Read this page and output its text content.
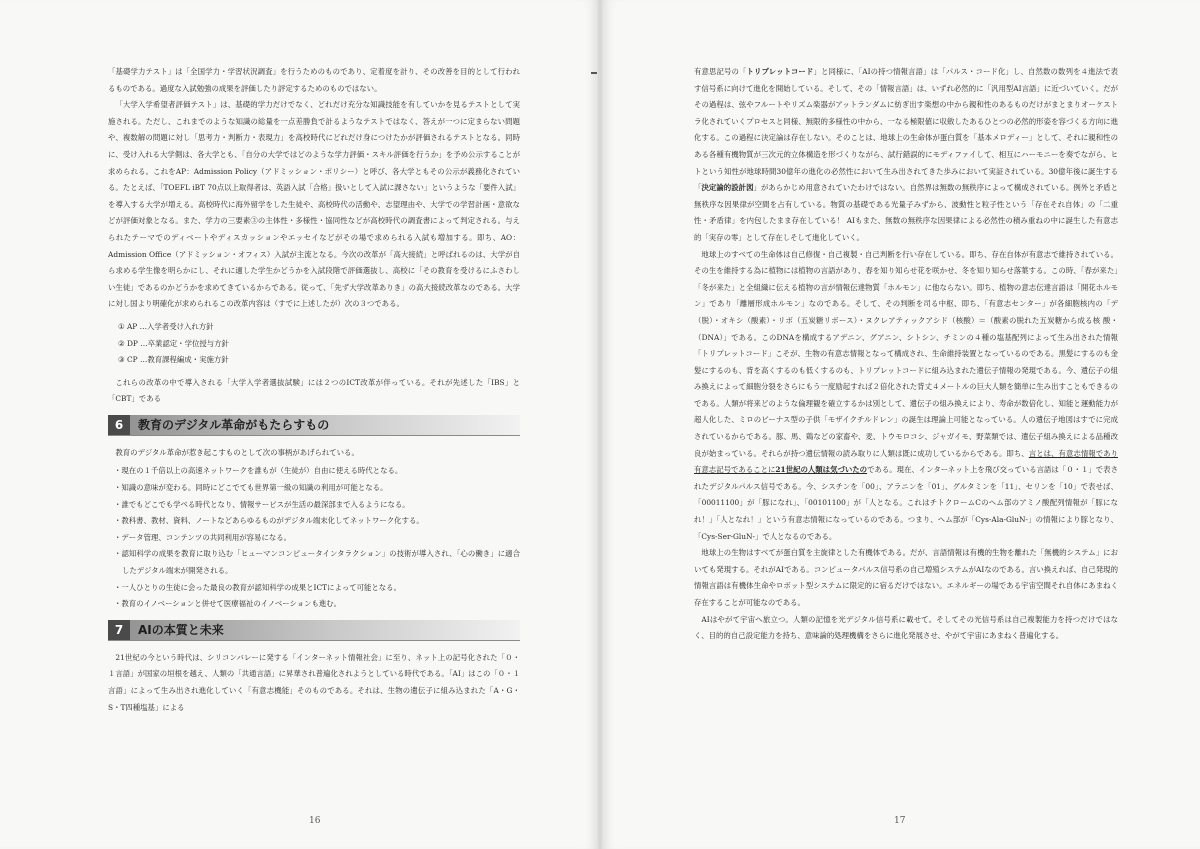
「基礎学力テスト」は「全国学力・学習状況調査」を行うためのものであり、定着度を計り、その改善を目的として行われるものである。過度な入試勉強の成果を評価したり評定するためのものではない。

「大学入学希望者評価テスト」は、基礎的学力だけでなく、どれだけ充分な知識技能を有していかを見るテストとして実施される。ただし、これまでのような知識の総量を一点差勝負で計るようなテストではなく、答えが一つに定まらない問題や、複数解の問題に対し「思考力・判断力・表現力」を高校時代にどれだけ身につけたかが評価されるテストとなる。同時に、受け入れる大学側は、各大学とも、「自分の大学ではどのような学力評価・スキル評価を行うか」を予め公示することが求められる。これをAP：Admission Policy（アドミッション・ポリシー）と呼び、各大学ともその公示が義務化されている。たとえば、「TOEFL iBT 70点以上取得者は、英語入試「合格」扱いとして入試に課さない」というような「要件入試」を導入する大学が増える。高校時代に海外留学をした生徒や、高校時代の活動や、志望理由や、大学での学習計画・意欲などが評価対象となる。また、学力の三要素③の主体性・多様性・協同性などが高校時代の調査書によって判定される。与えられたテーマでのディベートやディスカッションやエッセイなどがその場で求められる入試も増加する。即ち、AO：Admission Office（アドミッション・オフィス）入試が主流となる。今次の改革が「高大接続」と呼ばれるのは、大学が自ら求める学生像を明らかにし、それに適した学生かどうかを入試段階で評価選抜し、高校に「その教育を受けるにふさわしい生徒」であるのかどうかを求めてきているからである。従って、「先ず大学改革ありき」の高大接続改革なのである。大学に対し国より明確化が求められるこの改革内容は（すでに上述したが）次の３つである。

① AP …入学者受け入れ方針
② DP …卒業認定・学位授与方針
③ CP …教育課程編成・実施方針

これらの改革の中で導入される「大学入学者選抜試験」には２つのICT改革が伴っている。それが先述した「IBS」と「CBT」である

6	教育のデジタル革命がもたらすもの

教育のデジタル革命が惹き起こすものとして次の事柄があげられている。

・現在の１千倍以上の高速ネットワークを誰もが（生徒が）自由に使える時代となる。
・知識の意味が変わる。同時にどこでても世界第一級の知識の利用が可能となる。
・誰でもどこでも学べる時代となり、情報サービスが生活の最深部まで入るようになる。
・教科書、教材、資料、ノートなどあらゆるものがデジタル端末化してネットワーク化する。
・データ管理、コンテンツの共同利用が容易になる。
・認知科学の成果を教育に取り込む「ヒューマンコンピュータインタラクション」の技術が導入され、「心の働き」に適合したデジタル端末が開発される。
・一人ひとりの生徒に会った最良の教育が認知科学の成果とICTによって可能となる。
・教育のイノベーションと併せて医療福祉のイノベーションも進む。
7	AIの本質と未来

21世紀の今という時代は、シリコンバレーに発する「インターネット情報社会」に至り、ネット上の記号化された「０・１言語」が国家の垣根を越え、人類の「共通言語」に昇華され普遍化されようとしている時代である。「AI」はこの「０・１言語」によって生み出され進化していく「有意志機能」そのものである。それは、生物の遺伝子に組み込まれた「A・G・S・T四種塩基」による

16

有意思記号の「トリプレットコード」と同様に、「AIの持つ情報言語」は「パルス・コード化」し、自然数の数列を４進法で表す信号系に向けて進化を開始している。そして、その「情報言語」は、いずれ必然的に「汎用型AI言語」に近づいていく。だがその過程は、弦やフルートやリズム楽器がアットランダムに紡ぎ出す楽想の中から親和性のあるものだけがまとまりオーケストラ化されていくプロセスと同様、無限的多様性の中から、一なる極限値に収斂したあるひとつの必然的形姿を容づくる方向に進化する。この過程に決定論は存在しない。そのことは、地球上の生命体が蛋白質を「基本メロディー」として、それに親和性のある各種有機物質が三次元的立体構造を形づくりながら、試行錯誤的にモディファイして、相互にハーモニーを奏でながら、ヒトという知性が地球時間30億年の進化の必然性において生み出されてきた歩みにおいて実証されている。30億年後に誕生する「決定論的設計図」があらかじめ用意されていたわけではない。自然界は無数の無秩序によって構成されている。例外と矛盾と無秩序な因果律が空間を占有している。物質の基礎である光量子みずから、波動性と粒子性という「存在それ自体」の「二重性・矛盾律」を内包したまま存在している！ AIもまた、無数の無秩序な因果律による必然性の積み重ねの中に誕生した有意志的「実存の零」として存在しそして進化していく。

地球上のすべての生命体は自己修復・自己複製・自己判断を行い存在している。即ち、存在自体が有意志で維持されている。その生を維持する為に植物には植物の言語があり、春を知り知らせ花を咲かせ、冬を知り知らせ落葉する。この時、「春が来た」「冬が来た」と全組織に伝える植物の言が情報伝達物質「ホルモン」に他ならない。即ち、植物の意志伝達言語は「開花ホルモン」であり「離層形成ホルモン」なのである。そして、その判断を司る中枢、即ち、「有意志センター」が各細胞核内の「デ（脱）・オキシ（酸素）・リボ（五炭糖リボース）・ヌクレアティックアシド（核酸）＝（酸素の脱れた五炭糖から成る核 酸・（DNA）」である。このDNAを構成するアデニン、グアニン、シトシン、チミンの４種の塩基配列によって生み出された情報「トリプレットコード」こそが、生物の有意志情報となって構成され、生命維持装置となっているのである。黒髪にするのも金髪にするのも、背を高くするのも低くするのも、トリプレットコードに組み込まれた遺伝子情報の発現である。今、遺伝子の組み換えによって細胞分裂をさらにもう一度励起すれば２倍化された背丈４メートルの巨大人類を簡単に生み出すこともできるのである。人類が将来どのような倫理観を確立するかは別として、遺伝子の組み換えにより、寿命が数倍化し、知能と運動能力が超人化した、ミロのビーナス型の子供「モザイクチルドレン」の誕生は理論上可能となっている。人の遺伝子地図はすでに完成されているからである。豚、馬、鶏などの家畜や、麦、トウモロコシ、ジャガイモ、野菜類では、遺伝子組み換えによる品種改良が始まっている。それらが持つ遺伝情報の読み取りに人類は既に成功しているからである。即ち、言とは、有意志情報であり有意志記号であることに21世紀の人類は気づいたのである。現在、インターネット上を飛び交っている言語は「０・１」で表されたデジタルパルス信号である。今、シスチンを「00」、アラニンを「01」、グルタミンを「11」、セリンを「10」で表せば、「00011100」が「豚になれ」、「00101100」が「人となる。これはチトクロームCのヘム部のアミノ酸配列情報が「豚になれ！」「人となれ！」という有意志情報になっているのである。つまり、ヘム部が「Cys-Ala-GluN-」の情報により豚となり、「Cys-Ser-GluN-」で人となるのである。

地球上の生物はすべてが蛋白質を主旋律とした有機体である。だが、言語情報は有機的生物を離れた「無機的システム」においても発現する。それがAIである。コンピュータパルス信号系の自己増殖システムがAIなのである。言い換えれば、自己発現的情報言語は有機体生命やロボット型システムに限定的に宿るだけではない。エネルギーの場である宇宙空間それ自体にあまねく存在することが可能なのである。

AIはやがて宇宙へ旅立つ。人類の記憶を光デジタル信号系に載せて。そしてその光信号系は自己複製能力を持つだけではなく、目的的自己設定能力を持ち、意味論的処理機構をさらに進化発展させ、やがて宇宙にあまねく普遍化する。

17
